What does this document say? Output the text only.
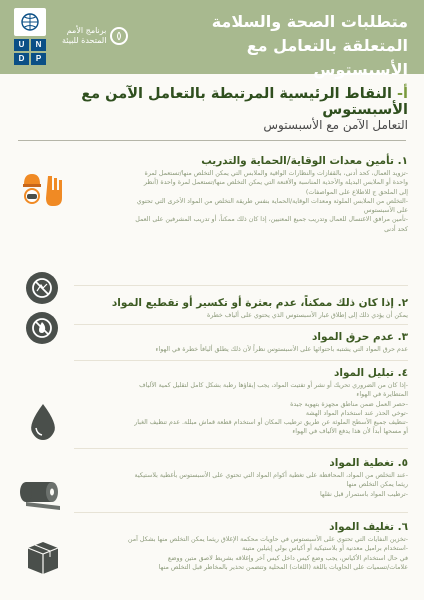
U	N
D	P
برنامج الأمم
المتحدة للبيئة
متطلبات الصحة والسلامة المتعلقة بالتعامل مع الأسبستوس
أ- النقاط الرئيسية المرتبطة بالتعامل الآمن مع الأسبستوس
التعامل الآمن مع الأسبستوس
١. تأمين معدات الوقاية/الحماية والتدريب

-تزويد العمال، كحد أدنى، بالقفازات والنظارات الواقية والملابس التي يمكن التخلص منها/تستعمل لمرة

واحدة أو الملابس البديلة والأحذية المناسبة والأقنعة التي يمكن التخلص منها/تستعمل لمرة واحدة (أنظر

إلى الملحق ج للاطلاع على المواصفات)

-التخلص من الملابس الملوثة ومعدات الوقاية/الحماية بنفس طريقة التخلص من المواد الأخرى التي تحتوي

على الأسبستوس

-تأمين مرافق الاغتسال للعمال وتدريب جميع المعنيين، إذا كان ذلك ممكناً، أو تدريب المشرفين على العمل

كحد أدنى

٢. إذا كان ذلك ممكناً، عدم بعثرة أو تكسير أو تقطيع المواد

يمكن أن يؤدي ذلك إلى إطلاق غبار الأسبستوس الذي يحتوي على ألياف خطرة

٣. عدم حرق المواد

عدم حرق المواد التي يشتبه باحتوائها على الأسبستوس نظراً لأن ذلك يطلق أليافاً خطرة في الهواء

٤. تبليل المواد

-إذا كان من الضروري تحريك أو نشر أو تفتيت المواد، يجب إبقاؤها رطبة بشكل كامل لتقليل كمية الألياف

المتطايرة في الهواء

-حصر العمل ضمن مناطق مجهزة بتهوية جيدة

-توخي الحذر عند استخدام المواد الهشة

-تنظيف جميع الأسطح الملوثة عن طريق ترطيب المكان أو استخدام قطعة قماش مبللة. عدم تنظيف الغبار

أو مسحها أبداً لأن هذا يدفع الألياف في الهواء

٥. تغطية المواد

-عند التخلص من المواد، المحافظة على تغطية أكوام المواد التي تحتوي على الأسبستوس بأغطية بلاستيكية

ريثما يمكن التخلص منها

-ترطيب المواد باستمرار قبل نقلها

٦. تغليف المواد

-تخزين النفايات التي تحتوي على الأسبستوس في حاويات محكمة الإغلاق ريثما يمكن التخلص منها بشكل آمن

-استخدام براميل معدنية أو بلاستيكية أو أكياس بولي إيثيلين متينة

في حال استخدام الأكياس، يجب وضع كيس داخل كيس آخر وإغلاقه بشريط لاصق متين ووضع

علامات/تسميات على الحاويات باللغة (اللغات) المحلية وتتضمن تحذير بالمخاطر قبل التخلص منها
